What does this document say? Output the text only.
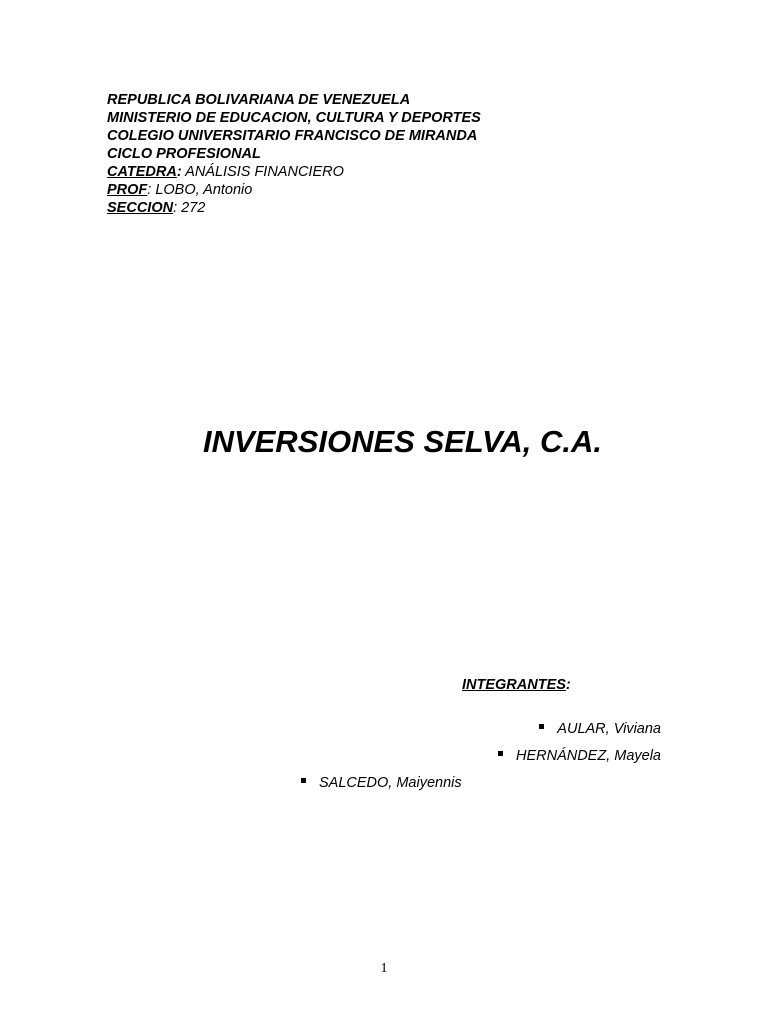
REPUBLICA BOLIVARIANA DE VENEZUELA
MINISTERIO DE EDUCACION, CULTURA Y DEPORTES
COLEGIO UNIVERSITARIO FRANCISCO DE MIRANDA
CICLO PROFESIONAL
CATEDRA: ANÁLISIS FINANCIERO
PROF: LOBO, Antonio
SECCION: 272
INVERSIONES SELVA, C.A.
INTEGRANTES:
AULAR, Viviana
HERNÁNDEZ, Mayela
SALCEDO, Maiyennis
1
